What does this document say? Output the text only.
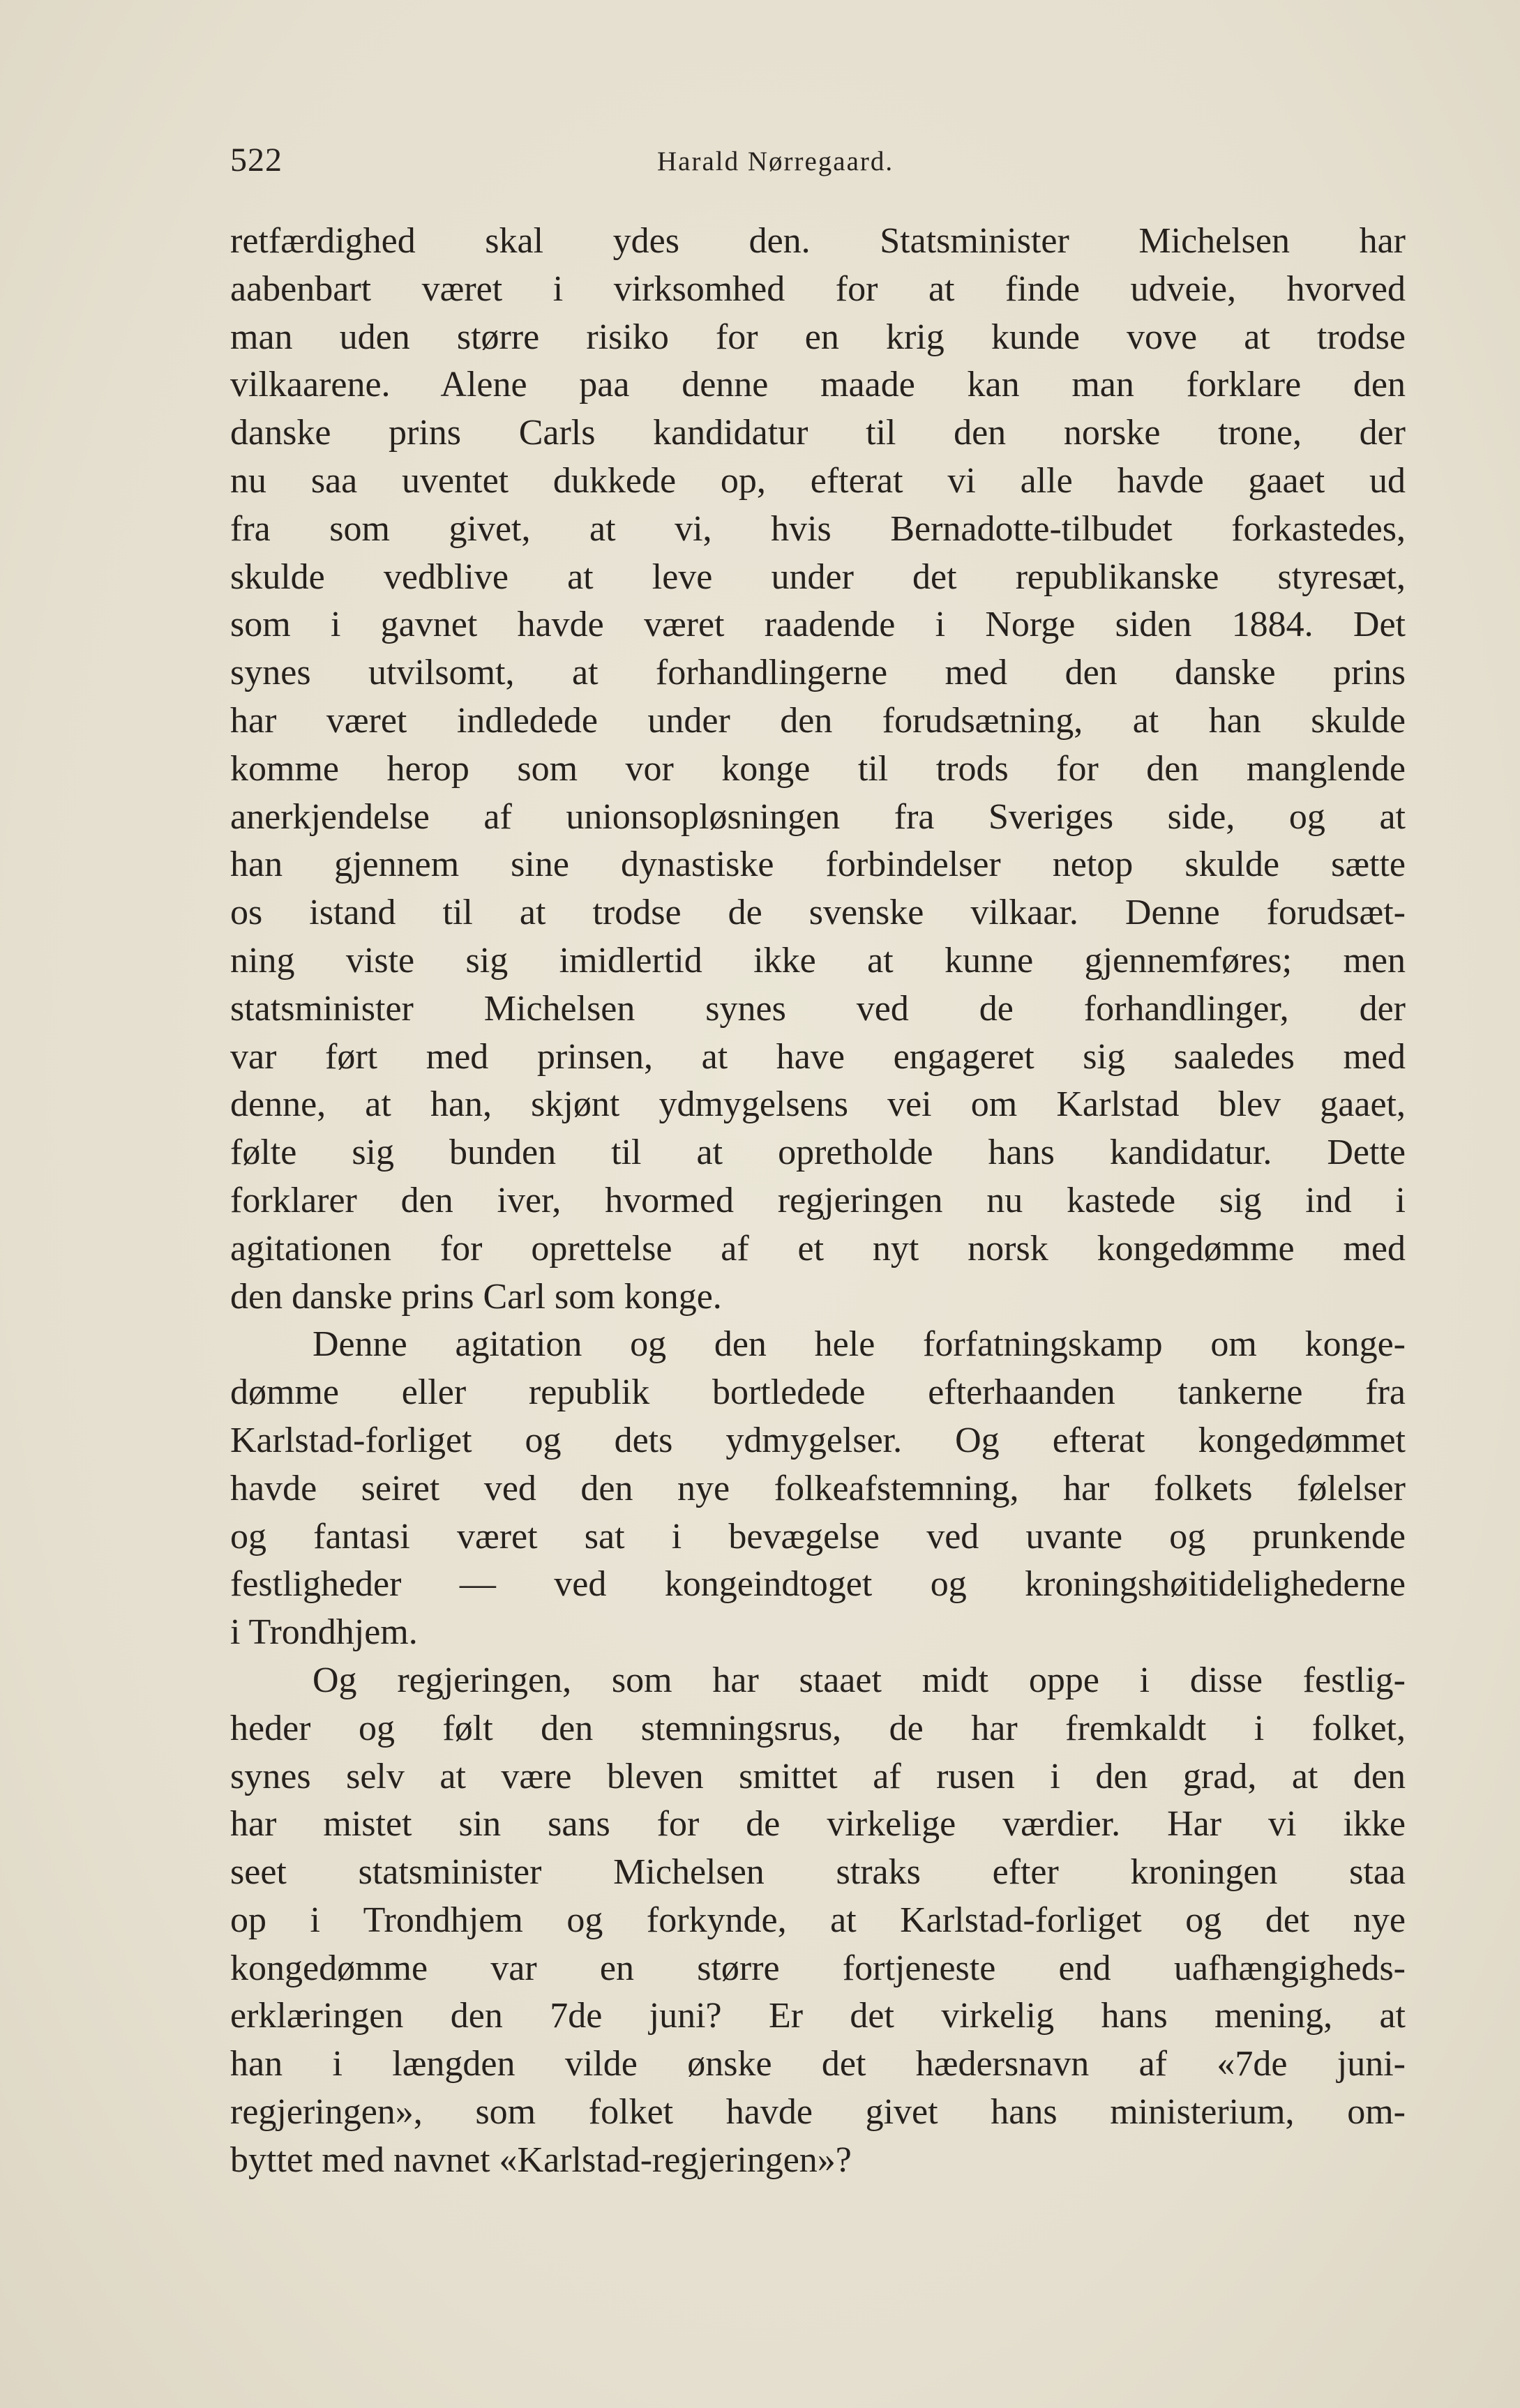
522	Harald Nørregaard.
retfærdighed skal ydes den. Statsminister Michelsen har
aabenbart været i virksomhed for at finde udveie, hvorved
man uden større risiko for en krig kunde vove at trodse
vilkaarene. Alene paa denne maade kan man forklare den
danske prins Carls kandidatur til den norske trone, der
nu saa uventet dukkede op, efterat vi alle havde gaaet ud
fra som givet, at vi, hvis Bernadotte-tilbudet forkastedes,
skulde vedblive at leve under det republikanske styresæt,
som i gavnet havde været raadende i Norge siden 1884. Det
synes utvilsomt, at forhandlingerne med den danske prins
har været indledede under den forudsætning, at han skulde
komme herop som vor konge til trods for den manglende
anerkjendelse af unionsopløsningen fra Sveriges side, og at
han gjennem sine dynastiske forbindelser netop skulde sætte
os istand til at trodse de svenske vilkaar. Denne forudsæt-
ning viste sig imidlertid ikke at kunne gjennemføres; men
statsminister Michelsen synes ved de forhandlinger, der
var ført med prinsen, at have engageret sig saaledes med
denne, at han, skjønt ydmygelsens vei om Karlstad blev gaaet,
følte sig bunden til at opretholde hans kandidatur. Dette
forklarer den iver, hvormed regjeringen nu kastede sig ind i
agitationen for oprettelse af et nyt norsk kongedømme med
den danske prins Carl som konge.
Denne agitation og den hele forfatningskamp om konge-
dømme eller republik bortledede efterhaanden tankerne fra
Karlstad-forliget og dets ydmygelser. Og efterat kongedømmet
havde seiret ved den nye folkeafstemning, har folkets følelser
og fantasi været sat i bevægelse ved uvante og prunkende
festligheder — ved kongeindtoget og kroningshøitidelighederne
i Trondhjem.
Og regjeringen, som har staaet midt oppe i disse festlig-
heder og følt den stemningsrus, de har fremkaldt i folket,
synes selv at være bleven smittet af rusen i den grad, at den
har mistet sin sans for de virkelige værdier. Har vi ikke
seet statsminister Michelsen straks efter kroningen staa
op i Trondhjem og forkynde, at Karlstad-forliget og det nye
kongedømme var en større fortjeneste end uafhængigheds-
erklæringen den 7de juni? Er det virkelig hans mening, at
han i længden vilde ønske det hædersnavn af «7de juni-
regjeringen», som folket havde givet hans ministerium, om-
byttet med navnet «Karlstad-regjeringen»?
